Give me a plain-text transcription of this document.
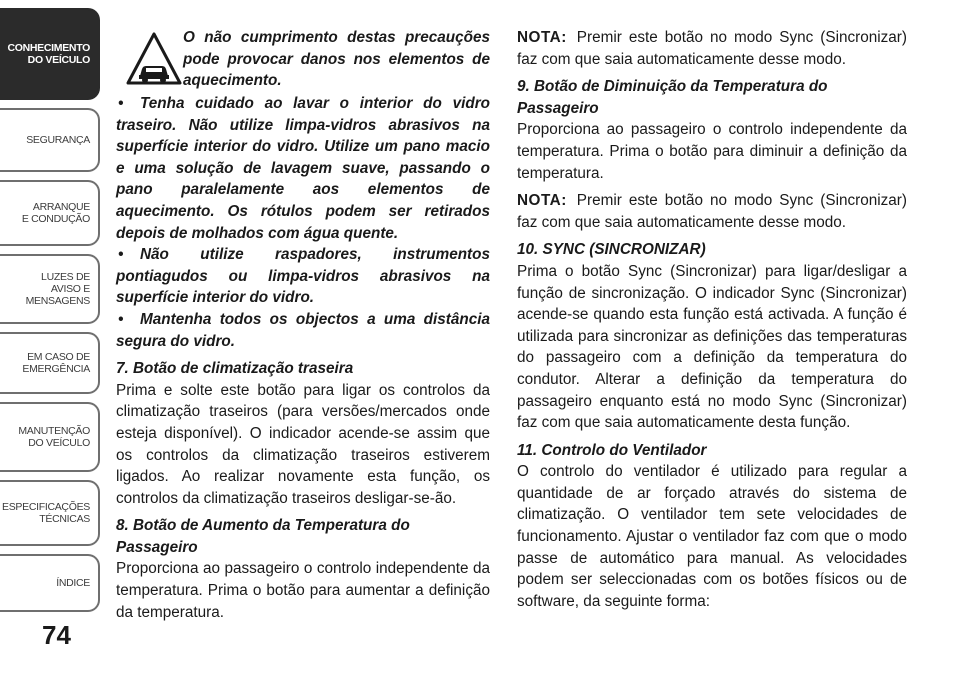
CONHECIMENTO
DO VEÍCULO
SEGURANÇA
ARRANQUE
E CONDUÇÃO
LUZES DE
AVISO E
MENSAGENS
EM CASO DE
EMERGÊNCIA
MANUTENÇÃO
DO VEÍCULO
ESPECIFICAÇÕES
TÉCNICAS
ÍNDICE
74

O não cumprimento destas precauções pode provocar danos nos elementos de aquecimento.

• Tenha cuidado ao lavar o interior do vidro traseiro. Não utilize limpa-vidros abrasivos na superfície interior do vidro. Utilize um pano macio e uma solução de lavagem suave, passando o pano paralelamente aos elementos de aquecimento. Os rótulos podem ser retirados depois de molhados com água quente.

• Não utilize raspadores, instrumentos pontiagudos ou limpa-vidros abrasivos na superfície interior do vidro.

• Mantenha todos os objectos a uma distância segura do vidro.

7. Botão de climatização traseira

Prima e solte este botão para ligar os controlos da climatização traseiros (para versões/mercados onde esteja disponível). O indicador acende-se assim que os controlos da climatização traseiros estiverem ligados. Ao realizar novamente esta função, os controlos da climatização traseiros desligar-se-ão.

8. Botão de Aumento da Temperatura do Passageiro

Proporciona ao passageiro o controlo independente da temperatura. Prima o botão para aumentar a definição da temperatura.

NOTA: Premir este botão no modo Sync (Sincronizar) faz com que saia automaticamente desse modo.

9. Botão de Diminuição da Temperatura do Passageiro

Proporciona ao passageiro o controlo independente da temperatura. Prima o botão para diminuir a definição da temperatura.

NOTA: Premir este botão no modo Sync (Sincronizar) faz com que saia automaticamente desse modo.

10. SYNC (SINCRONIZAR)

Prima o botão Sync (Sincronizar) para ligar/desligar a função de sincronização. O indicador Sync (Sincronizar) acende-se quando esta função está activada. A função é utilizada para sincronizar as definições das temperaturas do passageiro com a definição da temperatura do condutor. Alterar a definição da temperatura do passageiro enquanto está no modo Sync (Sincronizar) faz com que saia automaticamente desta função.

11. Controlo do Ventilador

O controlo do ventilador é utilizado para regular a quantidade de ar forçado através do sistema de climatização. O ventilador tem sete velocidades de funcionamento. Ajustar o ventilador faz com que o modo passe de automático para manual. As velocidades podem ser seleccionadas com os botões físicos ou de software, da seguinte forma:
